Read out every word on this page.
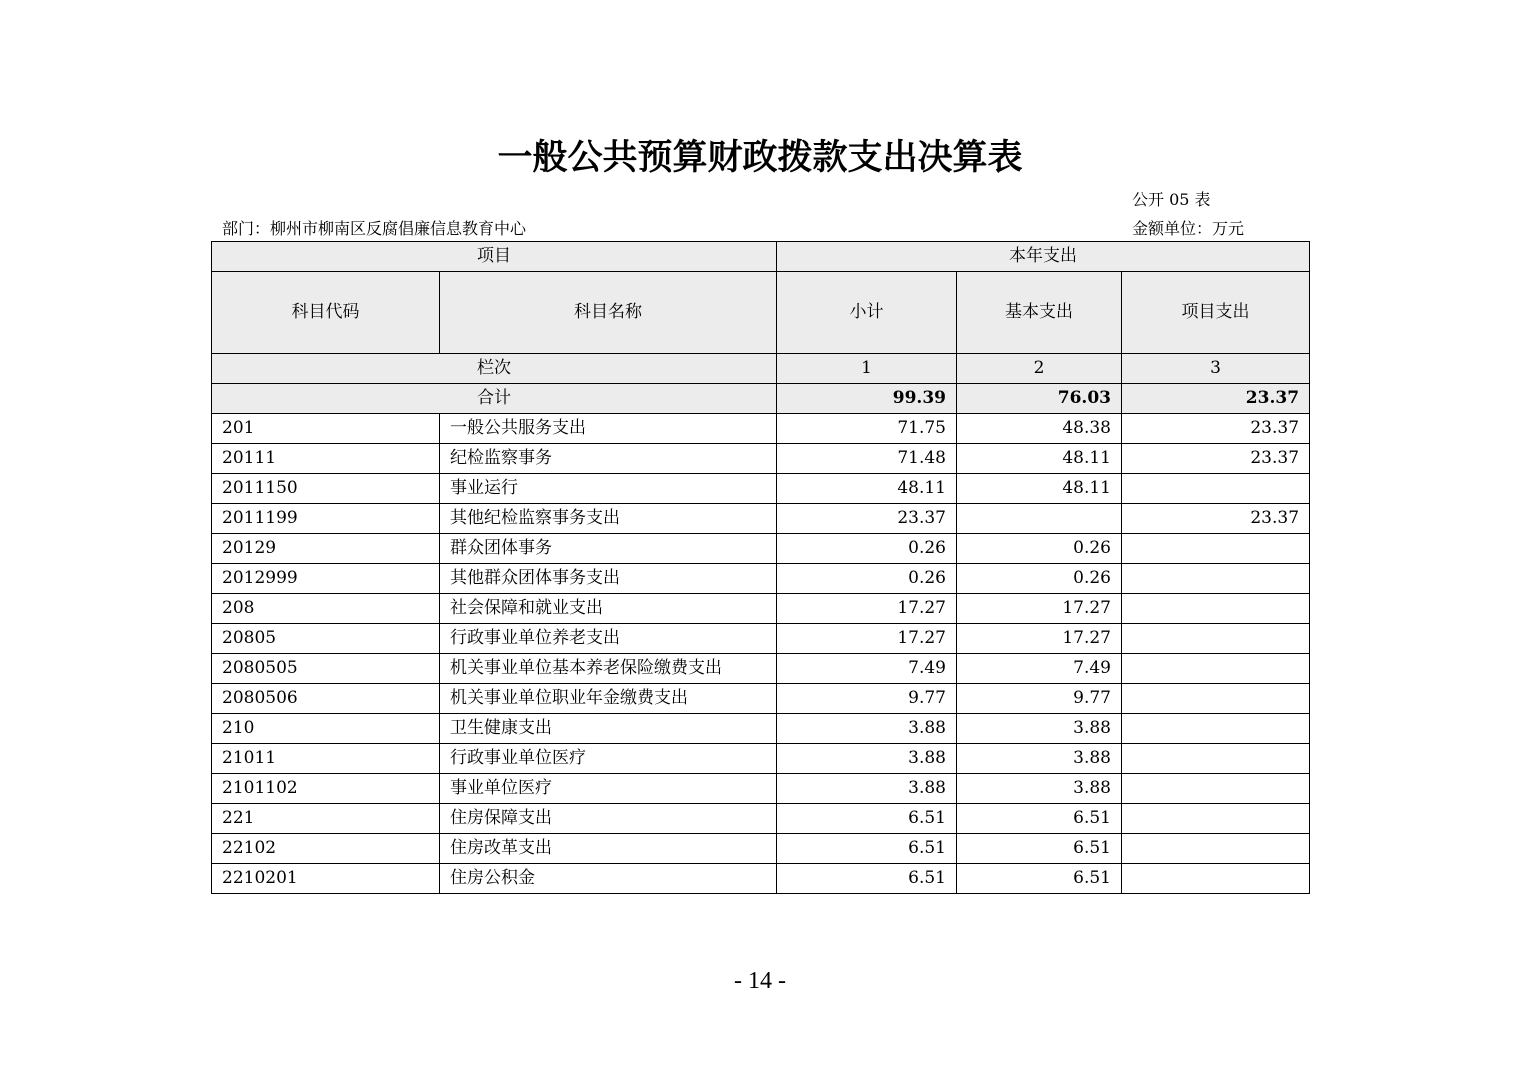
一般公共预算财政拨款支出决算表
公开 05 表
部门：柳州市柳南区反腐倡廉信息教育中心	金额单位：万元
项目		本年支出		
科目代码	科目名称	小计	基本支出	项目支出
栏次		1	2	3
合计		99.39	76.03	23.37
201	一般公共服务支出	71.75	48.38	23.37
20111	纪检监察事务	71.48	48.11	23.37
2011150	事业运行	48.11	48.11	
2011199	其他纪检监察事务支出	23.37		23.37
20129	群众团体事务	0.26	0.26	
2012999	其他群众团体事务支出	0.26	0.26	
208	社会保障和就业支出	17.27	17.27	
20805	行政事业单位养老支出	17.27	17.27	
2080505	机关事业单位基本养老保险缴费支出	7.49	7.49	
2080506	机关事业单位职业年金缴费支出	9.77	9.77	
210	卫生健康支出	3.88	3.88	
21011	行政事业单位医疗	3.88	3.88	
2101102	事业单位医疗	3.88	3.88	
221	住房保障支出	6.51	6.51	
22102	住房改革支出	6.51	6.51	
2210201	住房公积金	6.51	6.51	
- 14 -
